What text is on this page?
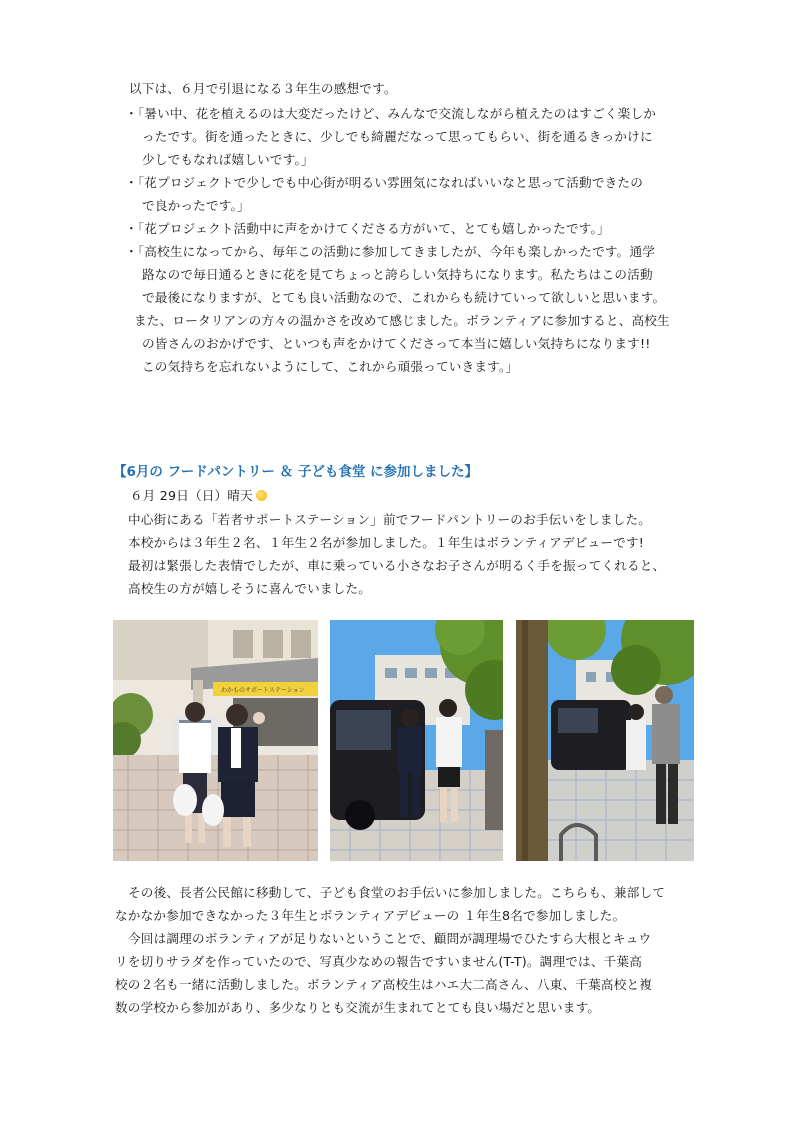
以下は、６月で引退になる３年生の感想です。
・「暑い中、花を植えるのは大変だったけど、みんなで交流しながら植えたのはすごく楽しか
ったです。街を通ったときに、少しでも綺麗だなって思ってもらい、街を通るきっかけに
少しでもなれば嬉しいです。」
・「花プロジェクトで少しでも中心街が明るい雰囲気になればいいなと思って活動できたの
で良かったです。」
・「花プロジェクト活動中に声をかけてくださる方がいて、とても嬉しかったです。」
・「高校生になってから、毎年この活動に参加してきましたが、今年も楽しかったです。通学
路なので毎日通るときに花を見てちょっと誇らしい気持ちになります。私たちはこの活動
で最後になりますが、とても良い活動なので、これからも続けていって欲しいと思います。
また、ロータリアンの方々の温かさを改めて感じました。ボランティアに参加すると、高校生
の皆さんのおかげです、といつも声をかけてくださって本当に嬉しい気持ちになります!!
この気持ちを忘れないようにして、これから頑張っていきます。」
【6月の フードパントリー ＆ 子ども食堂 に参加しました】
６月 29日（日）晴天
中心街にある「若者サポートステーション」前でフードパントリーのお手伝いをしました。
本校からは３年生２名、１年生２名が参加しました。１年生はボランティアデビューです!
最初は緊張した表情でしたが、車に乗っている小さなお子さんが明るく手を振ってくれると、
高校生の方が嬉しそうに喜んでいました。
わかものサポートステーション
その後、長者公民館に移動して、子ども食堂のお手伝いに参加しました。こちらも、兼部して
なかなか参加できなかった３年生とボランティアデビューの １年生8名で参加しました。
今回は調理のボランティアが足りないということで、顧問が調理場でひたすら大根とキュウ
リを切りサラダを作っていたので、写真少なめの報告ですいません(T-T)。調理では、千葉高
校の２名も一緒に活動しました。ボランティア高校生はハエ大二高さん、八東、千葉高校と複
数の学校から参加があり、多少なりとも交流が生まれてとても良い場だと思います。
